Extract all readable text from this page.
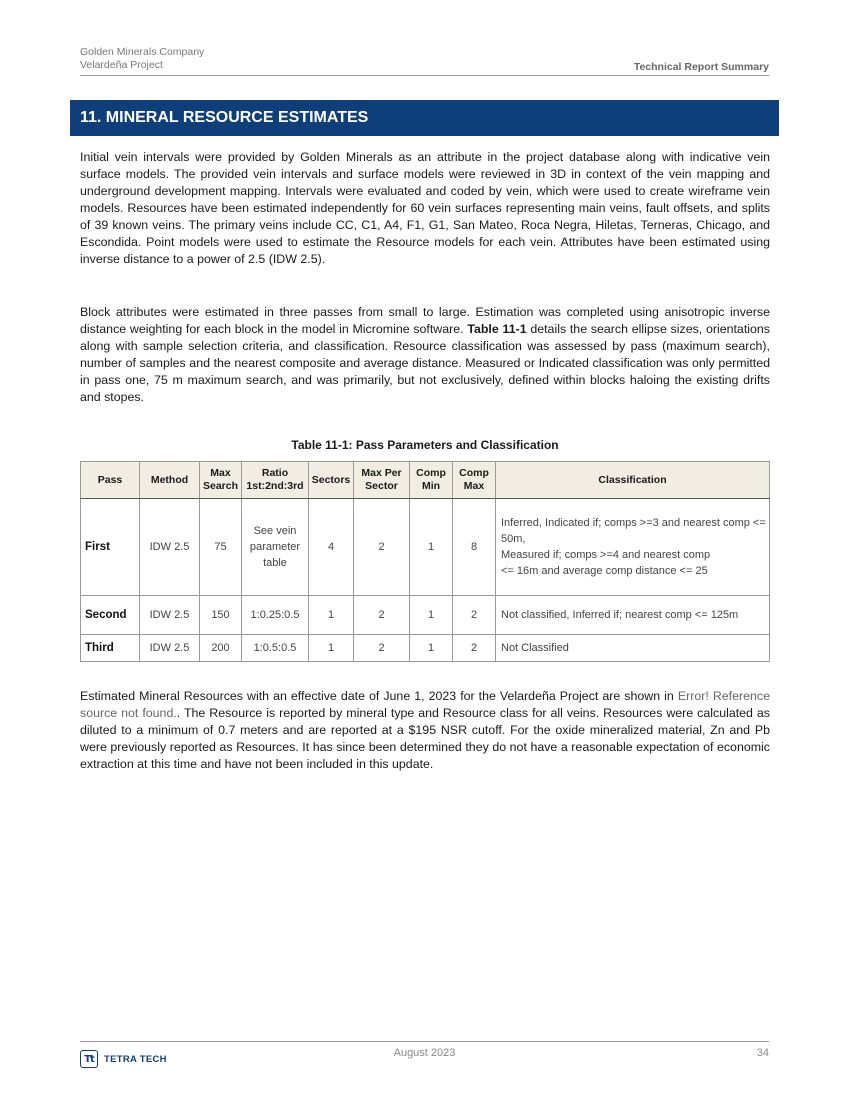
Golden Minerals Company
Velardeña Project	Technical Report Summary
11. MINERAL RESOURCE ESTIMATES

Initial vein intervals were provided by Golden Minerals as an attribute in the project database along with indicative vein surface models. The provided vein intervals and surface models were reviewed in 3D in context of the vein mapping and underground development mapping. Intervals were evaluated and coded by vein, which were used to create wireframe vein models. Resources have been estimated independently for 60 vein surfaces representing main veins, fault offsets, and splits of 39 known veins. The primary veins include CC, C1, A4, F1, G1, San Mateo, Roca Negra, Hiletas, Terneras, Chicago, and Escondida. Point models were used to estimate the Resource models for each vein. Attributes have been estimated using inverse distance to a power of 2.5 (IDW 2.5).

Block attributes were estimated in three passes from small to large. Estimation was completed using anisotropic inverse distance weighting for each block in the model in Micromine software. Table 11-1 details the search ellipse sizes, orientations along with sample selection criteria, and classification. Resource classification was assessed by pass (maximum search), number of samples and the nearest composite and average distance. Measured or Indicated classification was only permitted in pass one, 75 m maximum search, and was primarily, but not exclusively, defined within blocks haloing the existing drifts and stopes.

Table 11-1: Pass Parameters and Classification
Pass	Method	Max Search	Ratio 1st:2nd:3rd	Sectors	Max Per Sector	Comp Min	Comp Max	Classification
First	IDW 2.5	75	See vein parameter table	4	2	1	8	Inferred, Indicated if; comps >=3 and nearest comp <= 50m,
Measured if; comps >=4 and nearest comp
<= 16m and average comp distance <= 25
Second	IDW 2.5	150	1:0.25:0.5	1	2	1	2	Not classified, Inferred if; nearest comp <= 125m
Third	IDW 2.5	200	1:0.5:0.5	1	2	1	2	Not Classified

Estimated Mineral Resources with an effective date of June 1, 2023 for the Velardeña Project are shown in Error! Reference source not found.. The Resource is reported by mineral type and Resource class for all veins. Resources were calculated as diluted to a minimum of 0.7 meters and are reported at a $195 NSR cutoff. For the oxide mineralized material, Zn and Pb were previously reported as Resources. It has since been determined they do not have a reasonable expectation of economic extraction at this time and have not been included in this update.

Tt	TETRA TECH	August 2023	34
